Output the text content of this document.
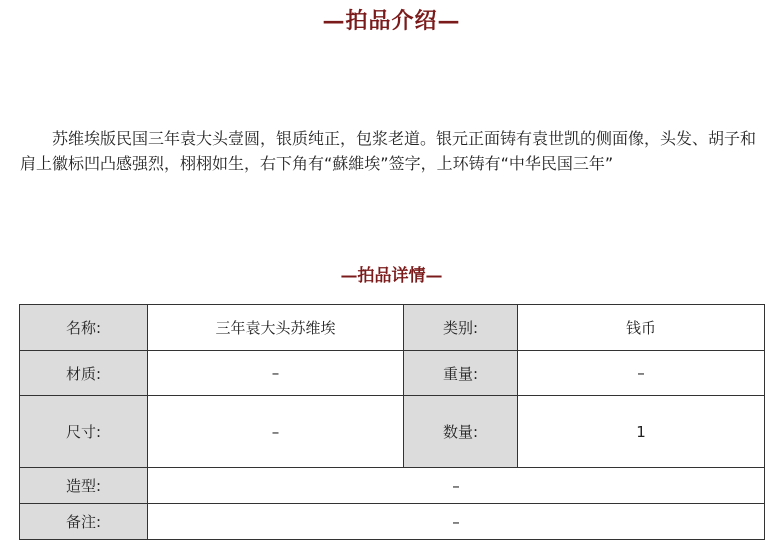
—拍品介绍—

苏维埃版民国三年袁大头壹圆，银质纯正，包浆老道。银元正面铸有袁世凯的侧面像，头发、胡子和肩上徽标凹凸感强烈，栩栩如生，右下角有“蘇維埃”签字，上环铸有“中华民国三年”

—拍品详情—
名称:	三年袁大头苏维埃	类别:	钱币
材质:	–	重量:	–
尺寸:	–	数量:	1
造型:	–		
备注:	–		
